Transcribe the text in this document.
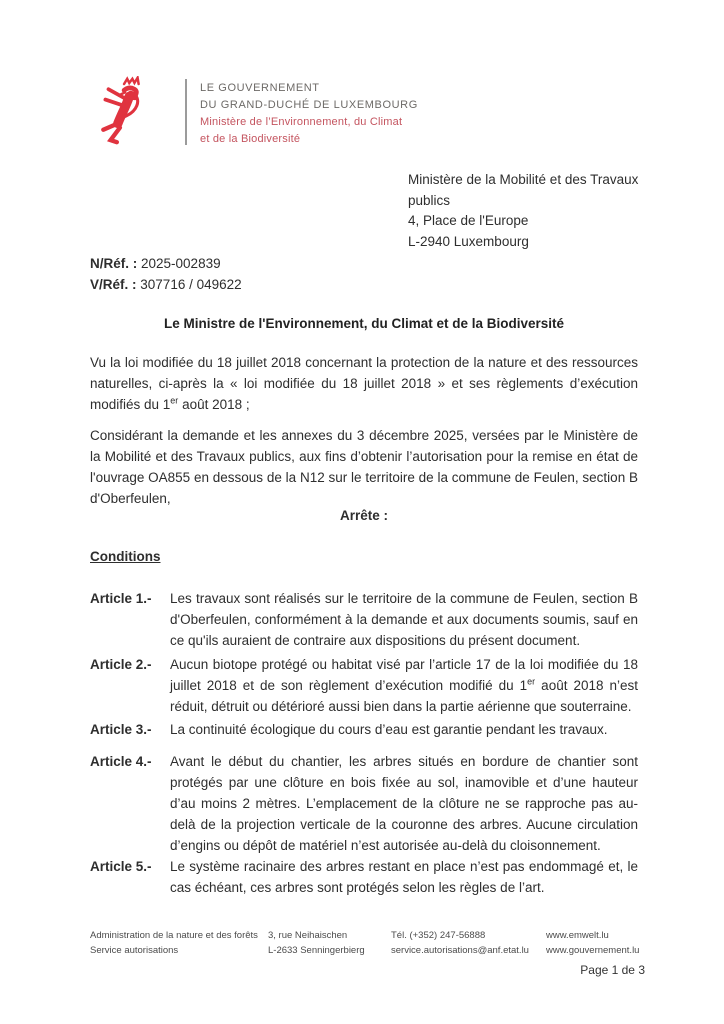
LE GOUVERNEMENT
DU GRAND-DUCHÉ DE LUXEMBOURG
Ministère de l’Environnement, du Climat
et de la Biodiversité
Ministère de la Mobilité et des Travaux
publics
4, Place de l'Europe
L-2940 Luxembourg
N/Réf. : 2025-002839
V/Réf. : 307716 / 049622
Le Ministre de l'Environnement, du Climat et de la Biodiversité

Vu la loi modifiée du 18 juillet 2018 concernant la protection de la nature et des ressources naturelles, ci-après la « loi modifiée du 18 juillet 2018 » et ses règlements d’exécution modifiés du 1er août 2018 ;

Considérant la demande et les annexes du 3 décembre 2025, versées par le Ministère de la Mobilité et des Travaux publics, aux fins d’obtenir l’autorisation pour la remise en état de l'ouvrage OA855 en dessous de la N12 sur le territoire de la commune de Feulen, section B d'Oberfeulen,

Arrête :
Conditions
Article 1.-	Les travaux sont réalisés sur le territoire de la commune de Feulen, section B d'Oberfeulen, conformément à la demande et aux documents soumis, sauf en ce qu'ils auraient de contraire aux dispositions du présent document.
Article 2.-	Aucun biotope protégé ou habitat visé par l’article 17 de la loi modifiée du 18 juillet 2018 et de son règlement d’exécution modifié du 1er août 2018 n’est réduit, détruit ou détérioré aussi bien dans la partie aérienne que souterraine.
Article 3.-	La continuité écologique du cours d’eau est garantie pendant les travaux.
Article 4.-	Avant le début du chantier, les arbres situés en bordure de chantier sont protégés par une clôture en bois fixée au sol, inamovible et d’une hauteur d’au moins 2 mètres. L’emplacement de la clôture ne se rapproche pas au-delà de la projection verticale de la couronne des arbres. Aucune circulation d’engins ou dépôt de matériel n’est autorisée au-delà du cloisonnement.
Article 5.-	Le système racinaire des arbres restant en place n’est pas endommagé et, le cas échéant, ces arbres sont protégés selon les règles de l’art.
Administration de la nature et des forêts
Service autorisations
3, rue Neihaischen
L-2633 Senningerbierg
Tél. (+352) 247-56888
service.autorisations@anf.etat.lu
www.emwelt.lu
www.gouvernement.lu
Page 1 de 3
